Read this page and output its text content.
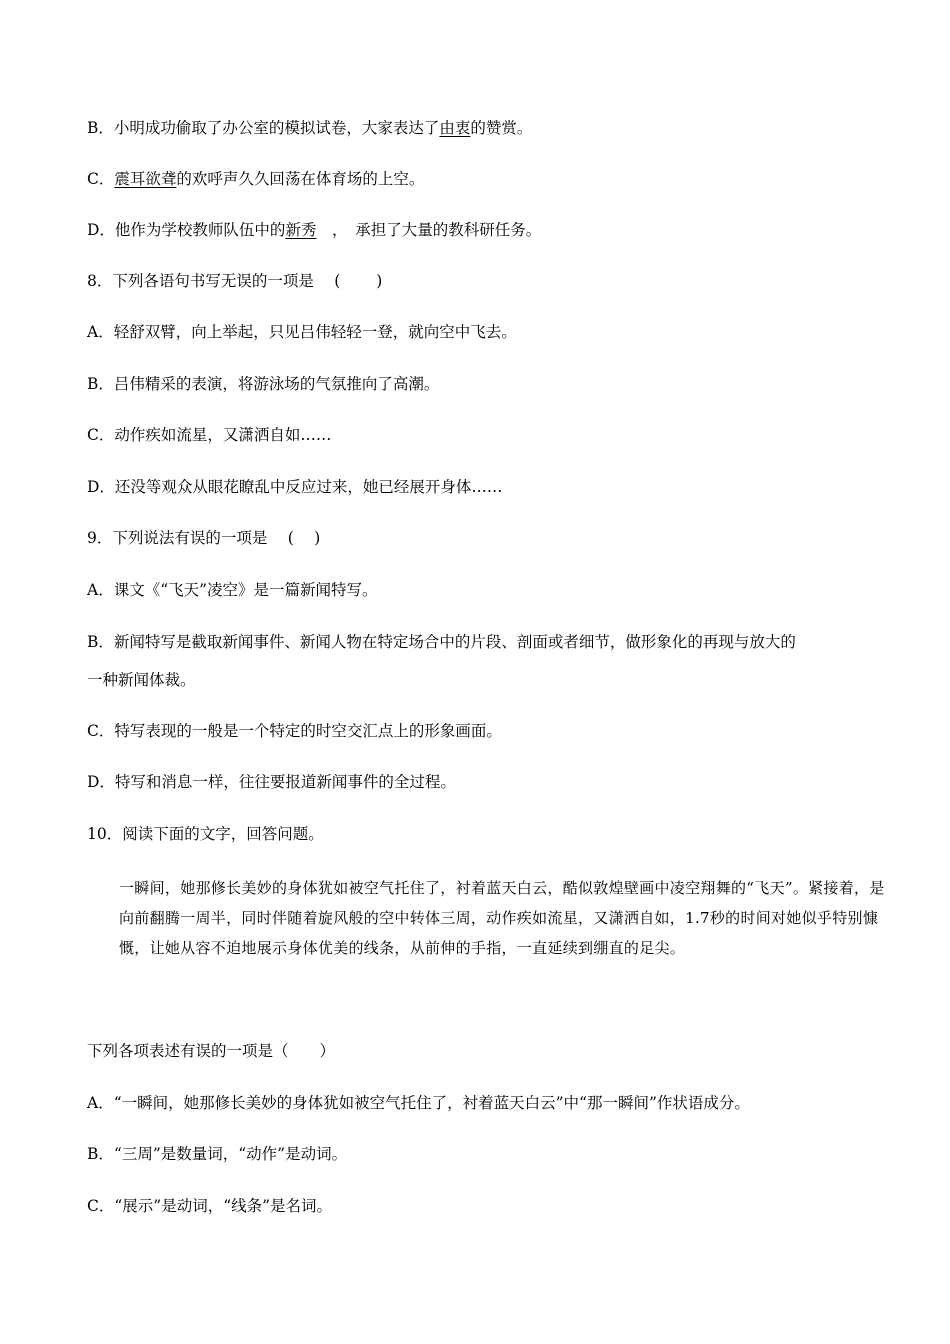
B．小明成功偷取了办公室的模拟试卷，大家表达了由衷的赞赏。
C．震耳欲聋的欢呼声久久回荡在体育场的上空。
D．他作为学校教师队伍中的新秀　，　承担了大量的教科研任务。
8．下列各语句书写无误的一项是　 (　　 )
A．轻舒双臂，向上举起，只见吕伟轻轻一登，就向空中飞去。
B．吕伟精采的表演，将游泳场的气氛推向了高潮。
C．动作疾如流星，又潇洒自如……
D．还没等观众从眼花瞭乱中反应过来，她已经展开身体……
9．下列说法有误的一项是　 (　 )
A．课文《“飞天”凌空》是一篇新闻特写。
B．新闻特写是截取新闻事件、新闻人物在特定场合中的片段、剖面或者细节，做形象化的再现与放大的
一种新闻体裁。
C．特写表现的一般是一个特定的时空交汇点上的形象画面。
D．特写和消息一样，往往要报道新闻事件的全过程。
10．阅读下面的文字，回答问题。
一瞬间，她那修长美妙的身体犹如被空气托住了，衬着蓝天白云，酷似敦煌壁画中凌空翔舞的“飞天”。紧接着，是向前翻腾一周半，同时伴随着旋风般的空中转体三周，动作疾如流星，又潇洒自如，1.7秒的时间对她似乎特别慷慨，让她从容不迫地展示身体优美的线条，从前伸的手指，一直延续到绷直的足尖。
下列各项表述有误的一项是（　　）
A．“一瞬间，她那修长美妙的身体犹如被空气托住了，衬着蓝天白云”中“那一瞬间”作状语成分。
B．“三周”是数量词，“动作”是动词。
C．“展示”是动词，“线条”是名词。
